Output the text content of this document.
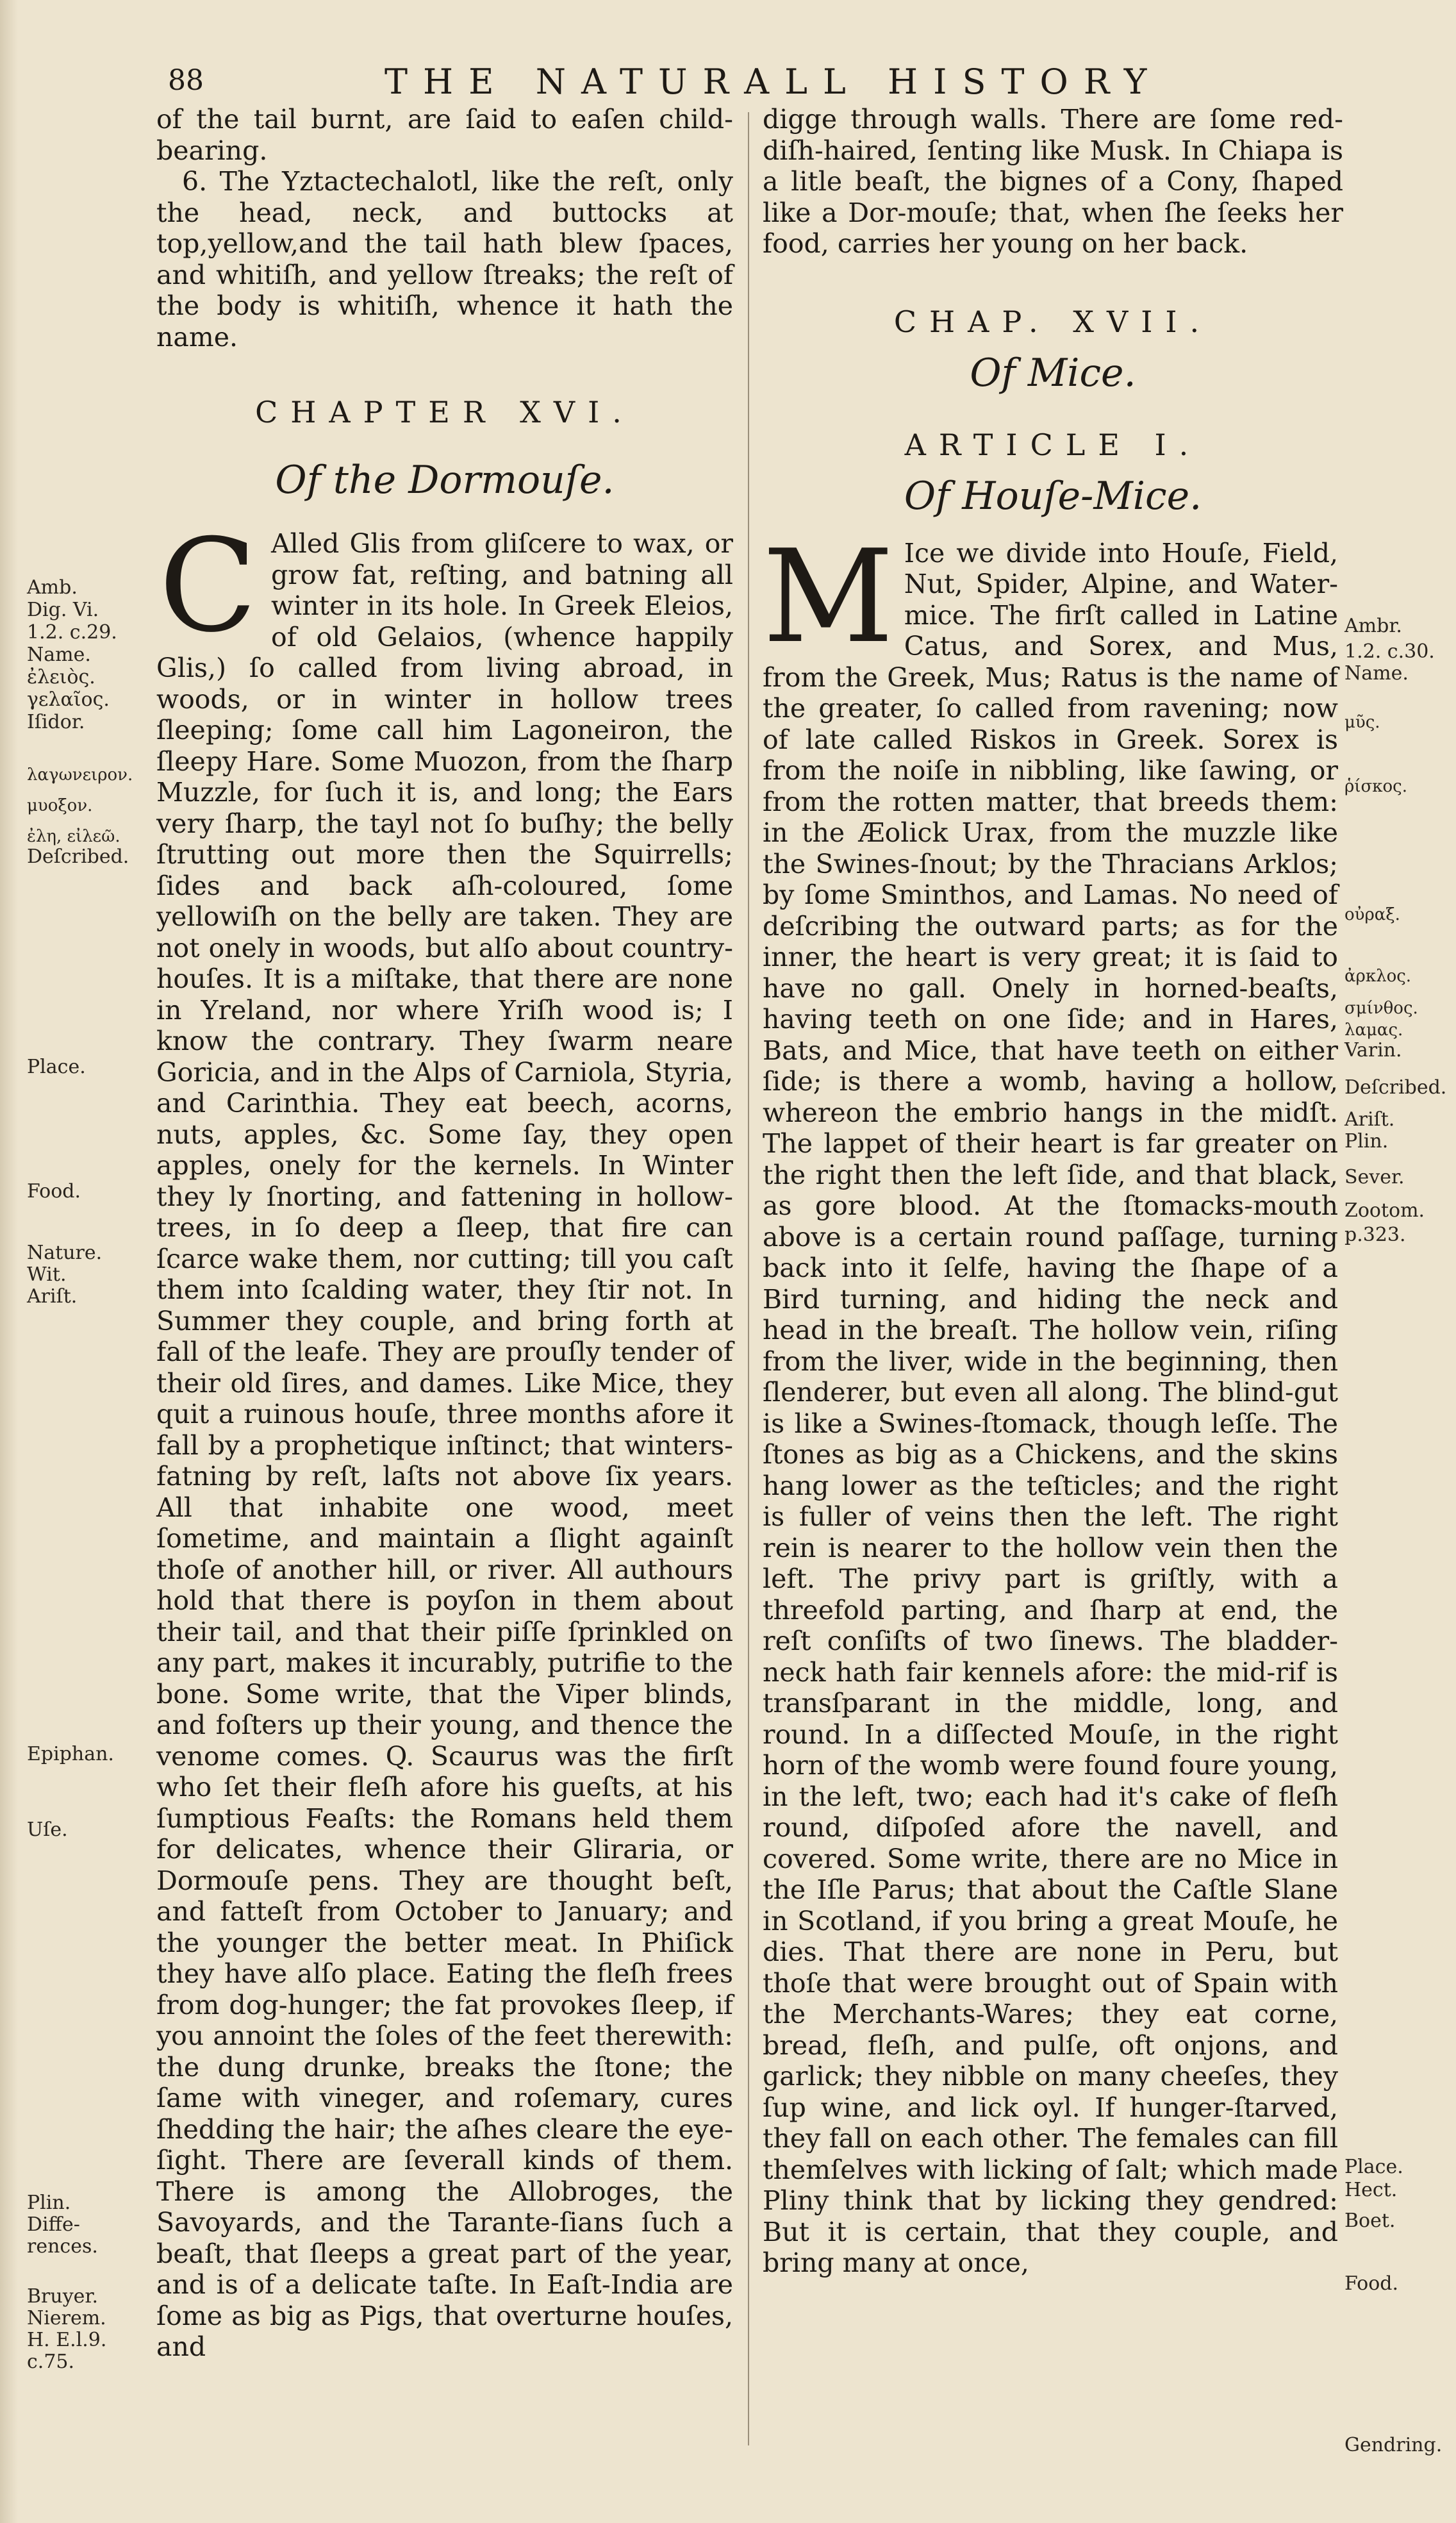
88	THE NATURALL HISTORY

of the tail burnt, are ſaid to eaſen child-bearing.

6. The Yztactechalotl, like the reſt, only the head, neck, and buttocks at top,yellow,and the tail hath blew ſpaces, and whitiſh, and yellow ſtreaks; the reſt of the body is whitiſh, whence it hath the name.

CHAPTER XVI.

Of the Dormouſe.

C Alled Glis from gliſcere to wax, or grow fat, reſting, and batning all winter in its hole. In Greek Eleios, of old Gelaios, (whence happily Glis,) ſo called from living abroad, in woods, or in winter in hollow trees ſleeping; ſome call him Lagoneiron, the ſleepy Hare. Some Muozon, from the ſharp Muzzle, for ſuch it is, and long; the Ears very ſharp, the tayl not ſo buſhy; the belly ſtrutting out more then the Squirrells; ſides and back aſh-coloured, ſome yellowiſh on the belly are taken. They are not onely in woods, but alſo about country-houſes. It is a miſtake, that there are none in Yreland, nor where Yriſh wood is; I know the contrary. They ſwarm neare Goricia, and in the Alps of Carniola, Styria, and Carinthia. They eat beech, acorns, nuts, apples, &c. Some ſay, they open apples, onely for the kernels. In Winter they ly ſnorting, and fattening in hollow-trees, in ſo deep a ſleep, that fire can ſcarce wake them, nor cutting; till you caſt them into ſcalding water, they ſtir not. In Summer they couple, and bring forth at fall of the leafe. They are prouſly tender of their old ſires, and dames. Like Mice, they quit a ruinous houſe, three months afore it fall by a prophetique inſtinct; that winters-fatning by reſt, laſts not above ſix years. All that inhabite one wood, meet ſometime, and maintain a ſlight againſt thoſe of another hill, or river. All authours hold that there is poyſon in them about their tail, and that their piſſe ſprinkled on any part, makes it incurably, putrifie to the bone. Some write, that the Viper blinds, and foſters up their young, and thence the venome comes. Q. Scaurus was the firſt who ſet their fleſh afore his gueſts, at his ſumptious Feaſts: the Romans held them for delicates, whence their Gliraria, or Dormouſe pens. They are thought beſt, and fatteſt from October to January; and the younger the better meat. In Phiſick they have alſo place. Eating the fleſh frees from dog-hunger; the fat provokes ſleep, if you annoint the ſoles of the feet therewith: the dung drunke, breaks the ſtone; the ſame with vineger, and roſemary, cures ſhedding the hair; the aſhes cleare the eye-ſight. There are ſeverall kinds of them. There is among the Allobroges, the Savoyards, and the Tarante-ſians ſuch a beaſt, that ſleeps a great part of the year, and is of a delicate taſte. In Eaſt-India are ſome as big as Pigs, that overturne houſes, and

digge through walls. There are ſome red-diſh-haired, ſenting like Musk. In Chiapa is a litle beaſt, the bignes of a Cony, ſhaped like a Dor-mouſe; that, when ſhe ſeeks her food, carries her young on her back.

CHAP. XVII.

Of Mice.

ARTICLE I.

Of Houſe-Mice.

M Ice we divide into Houſe, Field, Nut, Spider, Alpine, and Water-mice. The firſt called in Latine Catus, and Sorex, and Mus, from the Greek, Mus; Ratus is the name of the greater, ſo called from ravening; now of late called Riskos in Greek. Sorex is from the noiſe in nibbling, like ſawing, or from the rotten matter, that breeds them: in the Æolick Urax, from the muzzle like the Swines-ſnout; by the Thracians Arklos; by ſome Sminthos, and Lamas. No need of deſcribing the outward parts; as for the inner, the heart is very great; it is ſaid to have no gall. Onely in horned-beaſts, having teeth on one ſide; and in Hares, Bats, and Mice, that have teeth on either ſide; is there a womb, having a hollow, whereon the embrio hangs in the midſt. The lappet of their heart is far greater on the right then the left ſide, and that black, as gore blood. At the ſtomacks-mouth above is a certain round paſſage, turning back into it ſelfe, having the ſhape of a Bird turning, and hiding the neck and head in the breaſt. The hollow vein, riſing from the liver, wide in the beginning, then ſlenderer, but even all along. The blind-gut is like a Swines-ſtomack, though leſſe. The ſtones as big as a Chickens, and the skins hang lower as the teſticles; and the right is fuller of veins then the left. The right rein is nearer to the hollow vein then the left. The privy part is griſtly, with a threefold parting, and ſharp at end, the reſt conſiſts of two ſinews. The bladder-neck hath fair kennels afore: the mid-rif is transſparant in the middle, long, and round. In a diſſected Mouſe, in the right horn of the womb were found foure young, in the left, two; each had it's cake of fleſh round, diſpoſed afore the navell, and covered. Some write, there are no Mice in the Iſle Parus; that about the Caſtle Slane in Scotland, if you bring a great Mouſe, he dies. That there are none in Peru, but thoſe that were brought out of Spain with the Merchants-Wares; they eat corne, bread, fleſh, and pulſe, oft onjons, and garlick; they nibble on many cheeſes, they ſup wine, and lick oyl. If hunger-ſtarved, they fall on each other. The females can fill themſelves with licking of ſalt; which made Pliny think that by licking they gendred: But it is certain, that they couple, and bring many at once,

Amb.
Dig. Vi.
1.2. c.29.
Name.
ἐλειὸς.
γελαῖος.
Iſidor.
λαγωνειρον.
μυοξον.
ἐλη, εἰλεῶ.
Deſcribed.
Place.
Food.
Nature.
Wit.
Ariſt.
Epiphan.
Uſe.
Plin.
Diffe-
rences.
Bruyer.
Nierem.
H. E.l.9.
c.75.
Ambr.
1.2. c.30.
Name.
μῦς.
ῥίσκος.
οὐραξ.
ἀρκλος.
σμίνθος.
λαμας.
Varin.
Deſcribed.
Ariſt.
Plin.
Sever.
Zootom.
p.323.
Place.
Hect.
Boet.
Food.
Gendring.
